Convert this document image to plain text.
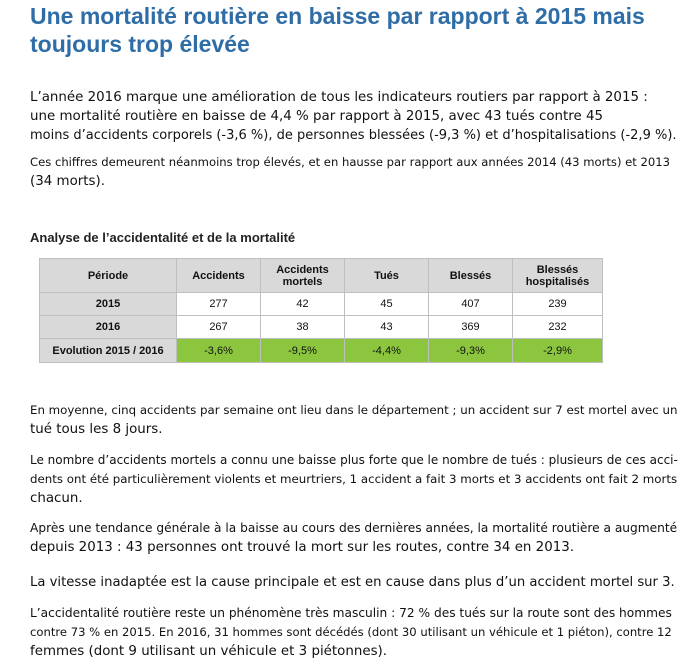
Une mortalité routière en baisse par rapport à 2015 mais toujours trop élevée
L’année 2016 marque une amélioration de tous les indicateurs routiers par rapport à 2015 :
une mortalité routière en baisse de 4,4 % par rapport à 2015, avec 43 tués contre 45
moins d’accidents corporels (-3,6 %), de personnes blessées (-9,3 %) et d’hospitalisations (-2,9 %).
Ces chiffres demeurent néanmoins trop élevés, et en hausse par rapport aux années 2014 (43 morts) et 2013
(34 morts).
Analyse de l’accidentalité et de la mortalité
Période	Accidents	Accidents mortels	Tués	Blessés	Blessés hospitalisés
2015	277	42	45	407	239
2016	267	38	43	369	232
Evolution 2015 / 2016	-3,6%	-9,5%	-4,4%	-9,3%	-2,9%
En moyenne, cinq accidents par semaine ont lieu dans le département ; un accident sur 7 est mortel avec un
tué tous les 8 jours.
Le nombre d’accidents mortels a connu une baisse plus forte que le nombre de tués : plusieurs de ces acci-
dents ont été particulièrement violents et meurtriers, 1 accident a fait 3 morts et 3 accidents ont fait 2 morts
chacun.
Après une tendance générale à la baisse au cours des dernières années, la mortalité routière a augmenté
depuis 2013 : 43 personnes ont trouvé la mort sur les routes, contre 34 en 2013.
La vitesse inadaptée est la cause principale et est en cause dans plus d’un accident mortel sur 3.
L’accidentalité routière reste un phénomène très masculin : 72 % des tués sur la route sont des hommes
contre 73 % en 2015. En 2016, 31 hommes sont décédés (dont 30 utilisant un véhicule et 1 piéton), contre 12
femmes (dont 9 utilisant un véhicule et 3 piétonnes).
